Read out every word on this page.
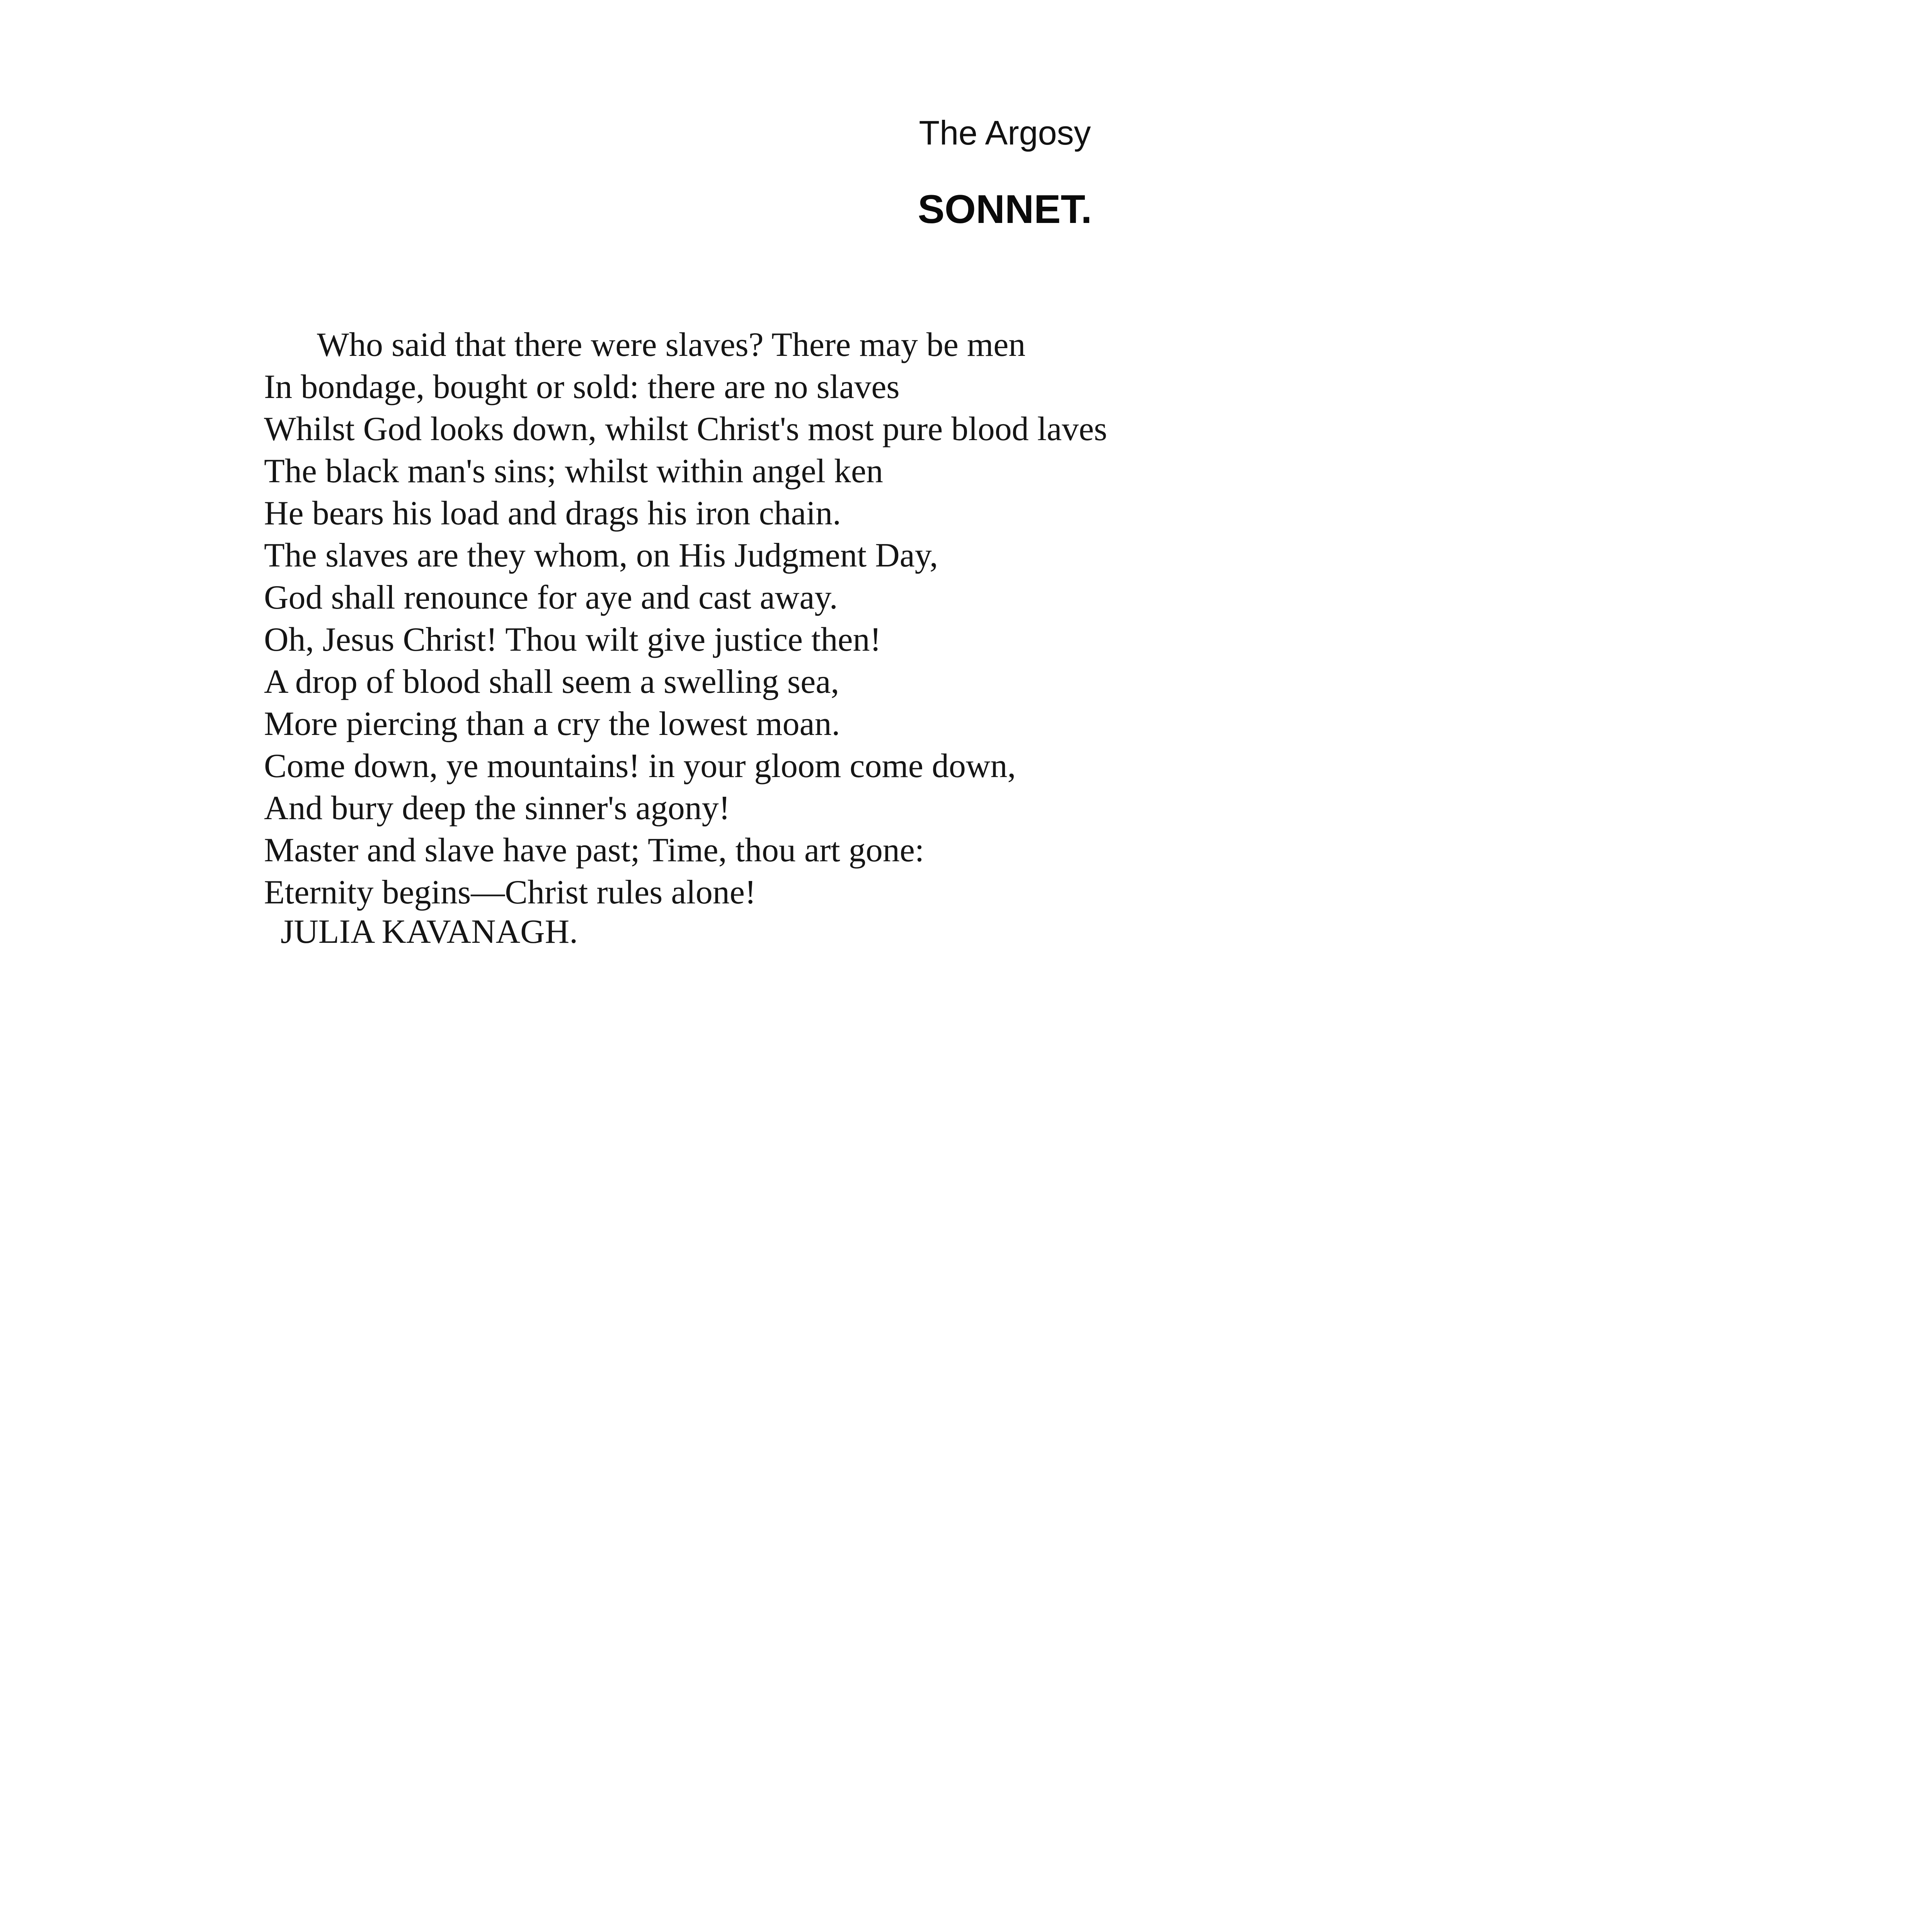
The Argosy
SONNET.
Who said that there were slaves? There may be men
In bondage, bought or sold: there are no slaves
Whilst God looks down, whilst Christ's most pure blood laves
The black man's sins; whilst within angel ken
He bears his load and drags his iron chain.
The slaves are they whom, on His Judgment Day,
God shall renounce for aye and cast away.
Oh, Jesus Christ! Thou wilt give justice then!
A drop of blood shall seem a swelling sea,
More piercing than a cry the lowest moan.
Come down, ye mountains! in your gloom come down,
And bury deep the sinner's agony!
Master and slave have past; Time, thou art gone:
Eternity begins—Christ rules alone!
JULIA KAVANAGH.
